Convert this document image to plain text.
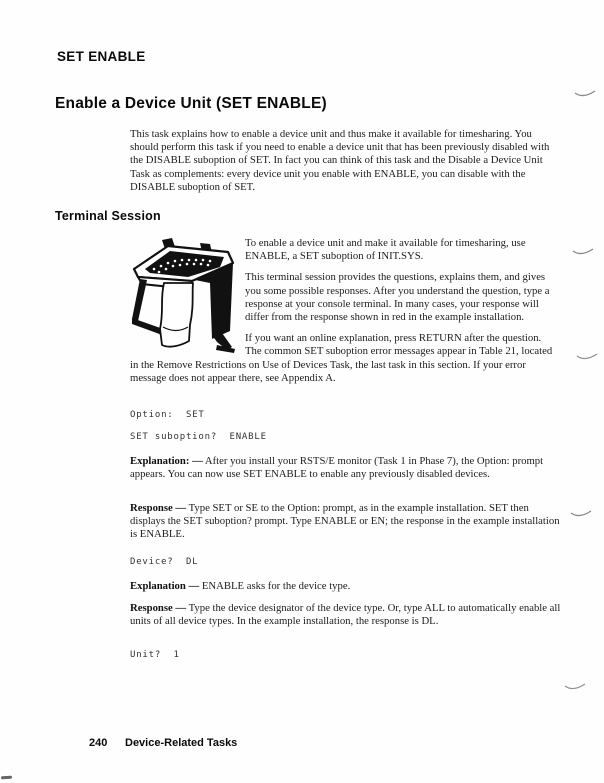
SET ENABLE
Enable a Device Unit (SET ENABLE)
This task explains how to enable a device unit and thus make it available for timesharing. You should perform this task if you need to enable a device unit that has been previously disabled with the DISABLE suboption of SET. In fact you can think of this task and the Disable a Device Unit Task as complements: every device unit you enable with ENABLE, you can disable with the DISABLE suboption of SET.
Terminal Session

To enable a device unit and make it available for timesharing, use ENABLE, a SET suboption of INIT.SYS.

This terminal session provides the questions, explains them, and gives you some possible responses. After you understand the question, type a response at your console terminal. In many cases, your response will differ from the response shown in red in the example installation.

If you want an online explanation, press RETURN after the question. The common SET suboption error messages appear in Table 21, located in the Remove Restrictions on Use of Devices Task, the last task in this section. If your error message does not appear there, see Appendix A.

Option:  SET
SET suboption?  ENABLE
Explanation: — After you install your RSTS/E monitor (Task 1 in Phase 7), the Option: prompt appears. You can now use SET ENABLE to enable any previously disabled devices.
Response — Type SET or SE to the Option: prompt, as in the example installation. SET then displays the SET suboption? prompt. Type ENABLE or EN; the response in the example installation is ENABLE.
Device?  DL
Explanation — ENABLE asks for the device type.
Response — Type the device designator of the device type. Or, type ALL to automatically enable all units of all device types. In the example installation, the response is DL.
Unit?  1
240 Device-Related Tasks
